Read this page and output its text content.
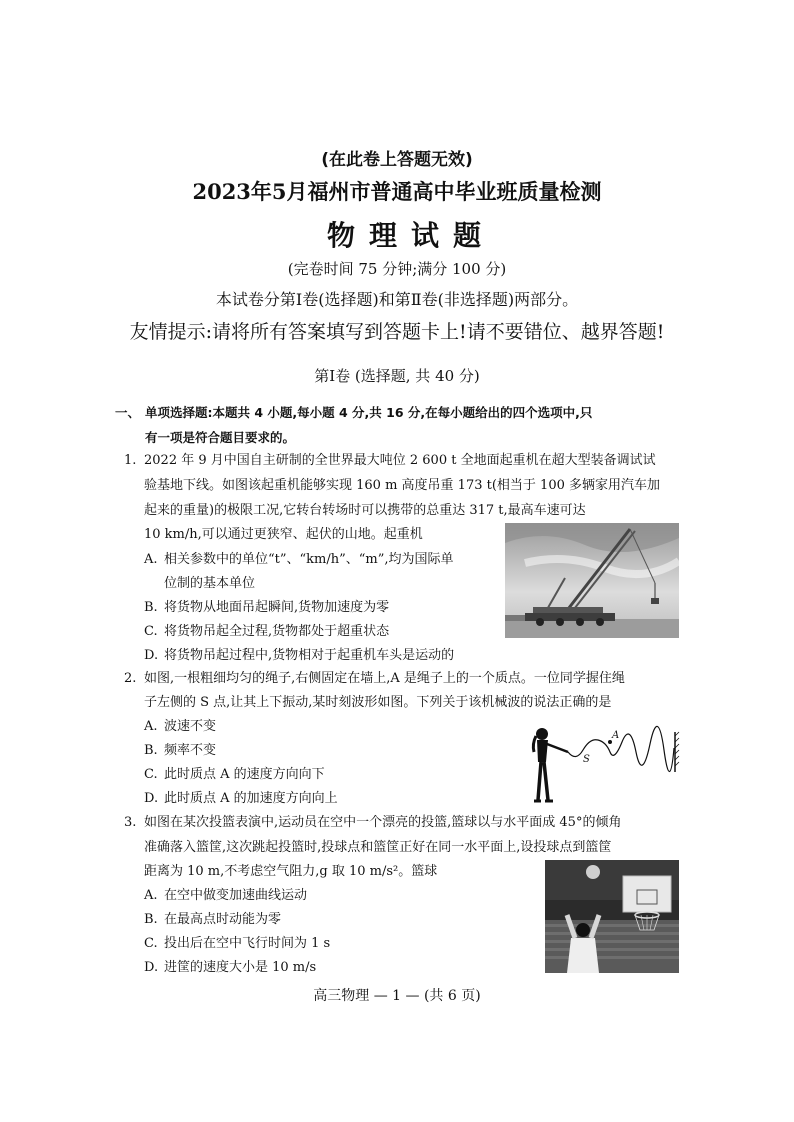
(在此卷上答题无效)
2023年5月福州市普通高中毕业班质量检测
物理试题
(完卷时间 75 分钟;满分 100 分)
本试卷分第Ⅰ卷(选择题)和第Ⅱ卷(非选择题)两部分。
友情提示:请将所有答案填写到答题卡上!请不要错位、越界答题!
第Ⅰ卷 (选择题, 共 40 分)
一、 单项选择题:本题共 4 小题,每小题 4 分,共 16 分,在每小题给出的四个选项中,只
有一项是符合题目要求的。
1. 2022 年 9 月中国自主研制的全世界最大吨位 2 600 t 全地面起重机在超大型装备调试试
验基地下线。如图该起重机能够实现 160 m 高度吊重 173 t(相当于 100 多辆家用汽车加
起来的重量)的极限工况,它转台转场时可以携带的总重达 317 t,最高车速可达
10 km/h,可以通过更狭窄、起伏的山地。起重机
A. 相关参数中的单位“t”、“km/h”、“m”,均为国际单
位制的基本单位
B. 将货物从地面吊起瞬间,货物加速度为零
C. 将货物吊起全过程,货物都处于超重状态
D. 将货物吊起过程中,货物相对于起重机车头是运动的
2. 如图,一根粗细均匀的绳子,右侧固定在墙上,A 是绳子上的一个质点。一位同学握住绳
子左侧的 S 点,让其上下振动,某时刻波形如图。下列关于该机械波的说法正确的是
A. 波速不变
B. 频率不变
C. 此时质点 A 的速度方向向下
D. 此时质点 A 的加速度方向向上
A
S
3. 如图在某次投篮表演中,运动员在空中一个漂亮的投篮,篮球以与水平面成 45°的倾角
准确落入篮筐,这次跳起投篮时,投球点和篮筐正好在同一水平面上,设投球点到篮筐
距离为 10 m,不考虑空气阻力,g 取 10 m/s²。篮球
A. 在空中做变加速曲线运动
B. 在最高点时动能为零
C. 投出后在空中飞行时间为 1 s
D. 进筐的速度大小是 10 m/s
高三物理 — 1 — (共 6 页)
